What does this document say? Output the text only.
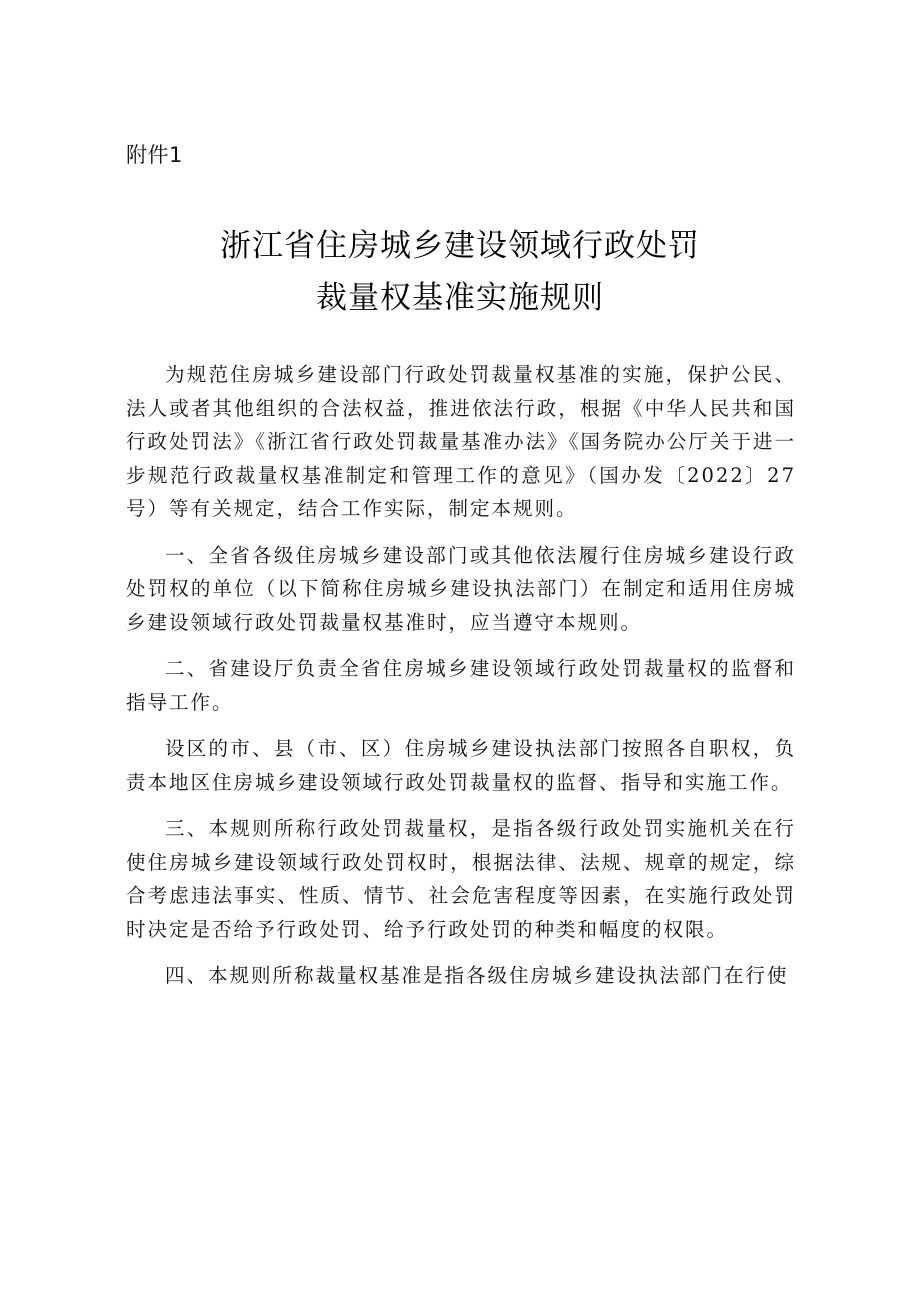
附件1
浙江省住房城乡建设领域行政处罚
裁量权基准实施规则

为规范住房城乡建设部门行政处罚裁量权基准的实施，保护公民、法人或者其他组织的合法权益，推进依法行政，根据《中华人民共和国行政处罚法》《浙江省行政处罚裁量基准办法》《国务院办公厅关于进一步规范行政裁量权基准制定和管理工作的意见》（国办发〔2022〕27号）等有关规定，结合工作实际，制定本规则。

一、全省各级住房城乡建设部门或其他依法履行住房城乡建设行政处罚权的单位（以下简称住房城乡建设执法部门）在制定和适用住房城乡建设领域行政处罚裁量权基准时，应当遵守本规则。

二、省建设厅负责全省住房城乡建设领域行政处罚裁量权的监督和指导工作。

设区的市、县（市、区）住房城乡建设执法部门按照各自职权，负责本地区住房城乡建设领域行政处罚裁量权的监督、指导和实施工作。

三、本规则所称行政处罚裁量权，是指各级行政处罚实施机关在行使住房城乡建设领域行政处罚权时，根据法律、法规、规章的规定，综合考虑违法事实、性质、情节、社会危害程度等因素，在实施行政处罚时决定是否给予行政处罚、给予行政处罚的种类和幅度的权限。

四、本规则所称裁量权基准是指各级住房城乡建设执法部门在行使
